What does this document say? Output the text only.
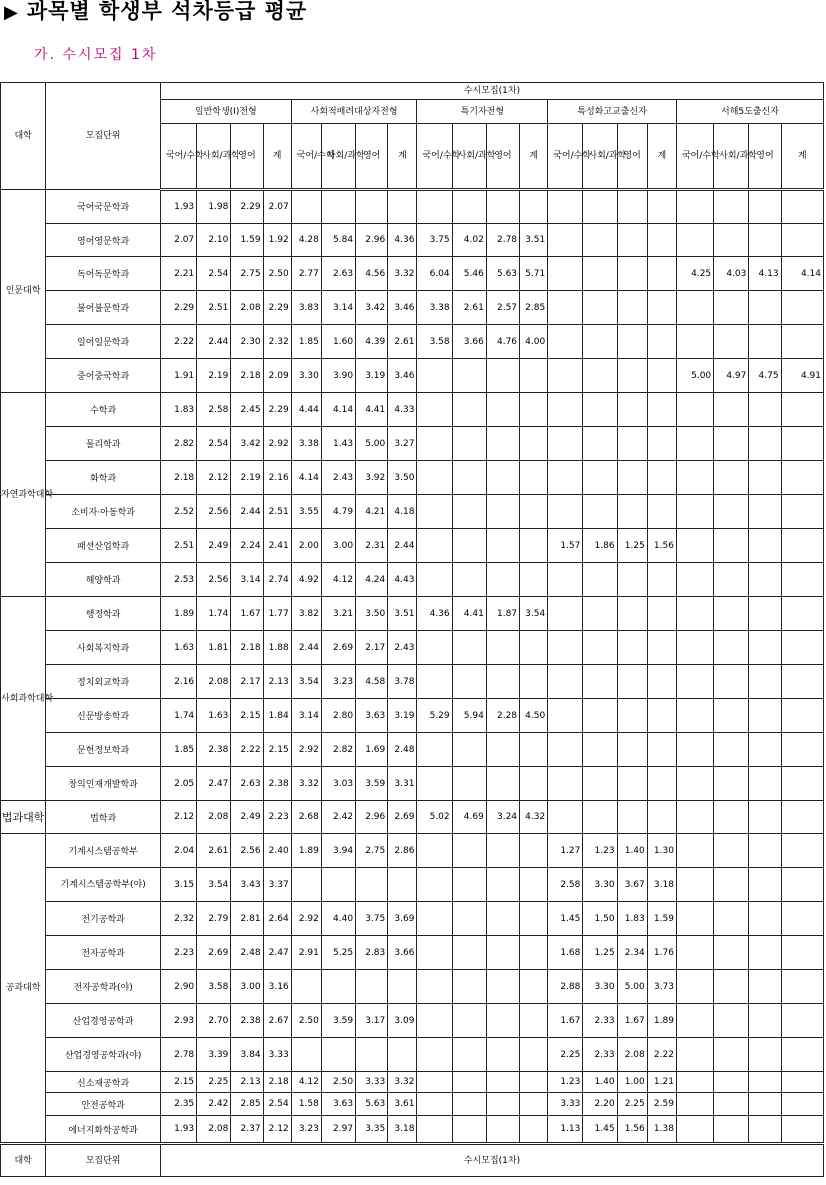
▶ 과목별 학생부 석차등급 평균
가. 수시모집 1차
대학	모집단위	수시모집(1차)																			
		일반학생(Ⅰ)전형				사회적배려대상자전형				특기자전형				특성화고교출신자				서해5도출신자			
		국어/수학	사회/과학	영어	계	국어/수학	사회/과학	영어	계	국어/수학	사회/과학	영어	계	국어/수학	사회/과학	영어	계	국어/수학	사회/과학	영어	계
인문대학	국어국문학과	1.93	1.98	2.29	2.07																
	영어영문학과	2.07	2.10	1.59	1.92	4.28	5.84	2.96	4.36	3.75	4.02	2.78	3.51								
	독어독문학과	2.21	2.54	2.75	2.50	2.77	2.63	4.56	3.32	6.04	5.46	5.63	5.71					4.25	4.03	4.13	4.14
	불어불문학과	2.29	2.51	2.08	2.29	3.83	3.14	3.42	3.46	3.38	2.61	2.57	2.85								
	일어일문학과	2.22	2.44	2.30	2.32	1.85	1.60	4.39	2.61	3.58	3.66	4.76	4.00								
	중어중국학과	1.91	2.19	2.18	2.09	3.30	3.90	3.19	3.46									5.00	4.97	4.75	4.91
자연과학대학	수학과	1.83	2.58	2.45	2.29	4.44	4.14	4.41	4.33												
	물리학과	2.82	2.54	3.42	2.92	3.38	1.43	5.00	3.27												
	화학과	2.18	2.12	2.19	2.16	4.14	2.43	3.92	3.50												
	소비자·아동학과	2.52	2.56	2.44	2.51	3.55	4.79	4.21	4.18												
	패션산업학과	2.51	2.49	2.24	2.41	2.00	3.00	2.31	2.44					1.57	1.86	1.25	1.56				
	해양학과	2.53	2.56	3.14	2.74	4.92	4.12	4.24	4.43												
사회과학대학	행정학과	1.89	1.74	1.67	1.77	3.82	3.21	3.50	3.51	4.36	4.41	1.87	3.54								
	사회복지학과	1.63	1.81	2.18	1.88	2.44	2.69	2.17	2.43												
	정치외교학과	2.16	2.08	2.17	2.13	3.54	3.23	4.58	3.78												
	신문방송학과	1.74	1.63	2.15	1.84	3.14	2.80	3.63	3.19	5.29	5.94	2.28	4.50								
	문헌정보학과	1.85	2.38	2.22	2.15	2.92	2.82	1.69	2.48												
	창의인재개발학과	2.05	2.47	2.63	2.38	3.32	3.03	3.59	3.31												
법과대학	법학과	2.12	2.08	2.49	2.23	2.68	2.42	2.96	2.69	5.02	4.69	3.24	4.32								
공과대학	기계시스템공학부	2.04	2.61	2.56	2.40	1.89	3.94	2.75	2.86					1.27	1.23	1.40	1.30				
	기계시스템공학부(야)	3.15	3.54	3.43	3.37									2.58	3.30	3.67	3.18				
	전기공학과	2.32	2.79	2.81	2.64	2.92	4.40	3.75	3.69					1.45	1.50	1.83	1.59				
	전자공학과	2.23	2.69	2.48	2.47	2.91	5.25	2.83	3.66					1.68	1.25	2.34	1.76				
	전자공학과(야)	2.90	3.58	3.00	3.16									2.88	3.30	5.00	3.73				
	산업경영공학과	2.93	2.70	2.38	2.67	2.50	3.59	3.17	3.09					1.67	2.33	1.67	1.89				
	산업경영공학과(야)	2.78	3.39	3.84	3.33									2.25	2.33	2.08	2.22				
	신소재공학과	2.15	2.25	2.13	2.18	4.12	2.50	3.33	3.32					1.23	1.40	1.00	1.21				
	안전공학과	2.35	2.42	2.85	2.54	1.58	3.63	5.63	3.61					3.33	2.20	2.25	2.59				
	에너지화학공학과	1.93	2.08	2.37	2.12	3.23	2.97	3.35	3.18					1.13	1.45	1.56	1.38				
대학	모집단위	수시모집(1차)																			
